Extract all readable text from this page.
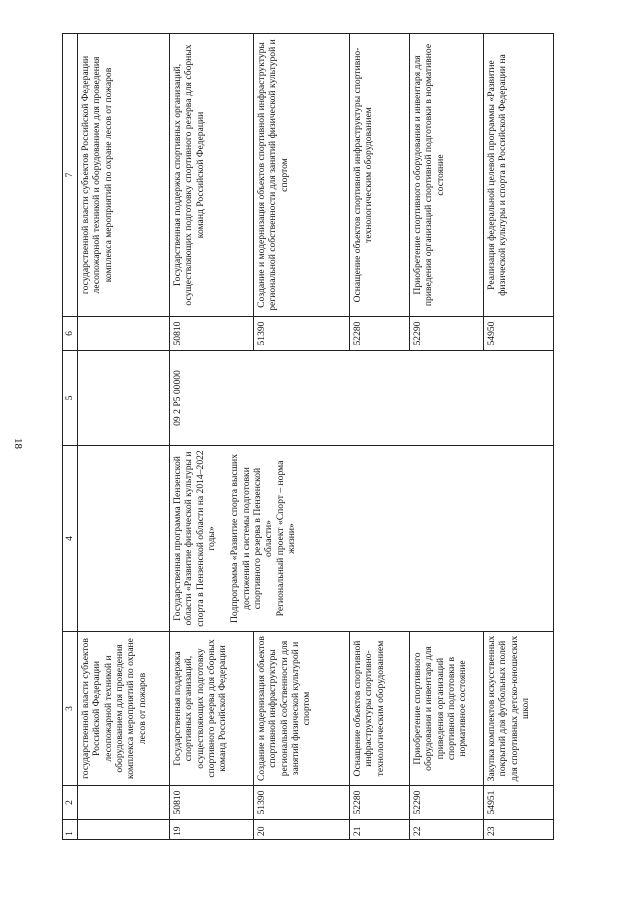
18
1	2	3	4	5	6	7
		государственной власти субъектов Российской Федерации лесопожарной техникой и оборудованием для проведения комплекса мероприятий по охране лесов от пожаров				государственной власти субъектов Российской Федерации лесопожарной техникой и оборудованием для проведения комплекса мероприятий по охране лесов от пожаров
19	50810	Государственная поддержка спортивных организаций, осуществляющих подготовку спортивного резерва для сборных команд Российской Федерации	Государственная программа Пензенской области «Развитие физической культуры и спорта в Пензенской области на 2014–2022 годы» Подпрограмма «Развитие спорта высших достижений и системы подготовки спортивного резерва в Пензенской области» Региональный проект «Спорт – норма жизни»	09 2 P5 00000	50810	Государственная поддержка спортивных организаций, осуществляющих подготовку спортивного резерва для сборных команд Российской Федерации
20	51390	Создание и модернизация объектов спортивной инфраструктуры региональной собственности для занятий физической культурой и спортом			51390	Создание и модернизация объектов спортивной инфраструктуры региональной собственности для занятий физической культурой и спортом
21	52280	Оснащение объектов спортивной инфраструктуры спортивно-технологическим оборудованием			52280	Оснащение объектов спортивной инфраструктуры спортивно-технологическим оборудованием
22	52290	Приобретение спортивного оборудования и инвентаря для приведения организаций спортивной подготовки в нормативное состояние			52290	Приобретение спортивного оборудования и инвентаря для приведения организаций спортивной подготовки в нормативное состояние
23	54951	Закупка комплектов искусственных покрытий для футбольных полей для спортивных детско-юношеских школ			54950	Реализация федеральной целевой программы «Развитие физической культуры и спорта в Российской Федерации на
